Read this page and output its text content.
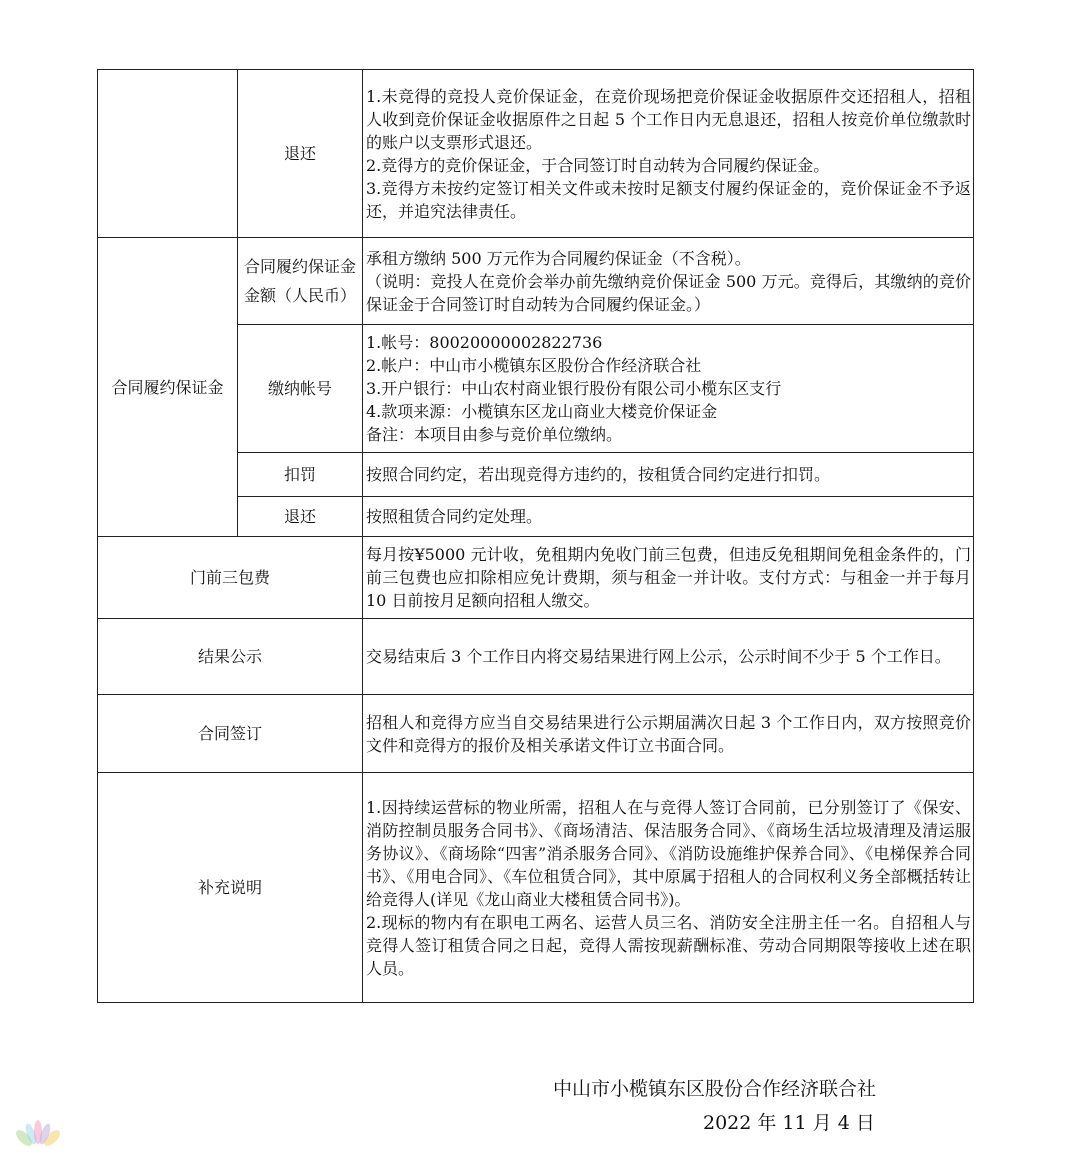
	退还	1.未竞得的竞投人竞价保证金，在竞价现场把竞价保证金收据原件交还招租人，招租人收到竞价保证金收据原件之日起 5 个工作日内无息退还，招租人按竞价单位缴款时的账户以支票形式退还。
2.竞得方的竞价保证金，于合同签订时自动转为合同履约保证金。
3.竞得方未按约定签订相关文件或未按时足额支付履约保证金的，竞价保证金不予返还，并追究法律责任。

合同履约保证金	合同履约保证金金额（人民币）	承租方缴纳 500 万元作为合同履约保证金（不含税）。
（说明：竞投人在竞价会举办前先缴纳竞价保证金 500 万元。竞得后，其缴纳的竞价保证金于合同签订时自动转为合同履约保证金。）

	缴纳帐号	1.帐号：80020000002822736
2.帐户：中山市小榄镇东区股份合作经济联合社
3.开户银行：中山农村商业银行股份有限公司小榄东区支行
4.款项来源：小榄镇东区龙山商业大楼竞价保证金
备注：本项目由参与竞价单位缴纳。

	扣罚	按照合同约定，若出现竞得方违约的，按租赁合同约定进行扣罚。
	退还	按照租赁合同约定处理。
门前三包费		每月按¥5000 元计收，免租期内免收门前三包费，但违反免租期间免租金条件的，门前三包费也应扣除相应免计费期，须与租金一并计收。支付方式：与租金一并于每月 10 日前按月足额向招租人缴交。
结果公示		交易结束后 3 个工作日内将交易结果进行网上公示，公示时间不少于 5 个工作日。
合同签订		招租人和竞得方应当自交易结果进行公示期届满次日起 3 个工作日内，双方按照竞价文件和竞得方的报价及相关承诺文件订立书面合同。
补充说明		1.因持续运营标的物业所需，招租人在与竞得人签订合同前，已分别签订了《保安、消防控制员服务合同书》、《商场清洁、保洁服务合同》、《商场生活垃圾清理及清运服务协议》、《商场除“四害”消杀服务合同》、《消防设施维护保养合同》、《电梯保养合同书》、《用电合同》、《车位租赁合同》，其中原属于招租人的合同权利义务全部概括转让给竞得人(详见《龙山商业大楼租赁合同书》)。
2.现标的物内有在职电工两名、运营人员三名、消防安全注册主任一名。自招租人与竞得人签订租赁合同之日起，竞得人需按现薪酬标准、劳动合同期限等接收上述在职人员。
中山市小榄镇东区股份合作经济联合社
2022 年 11 月 4 日
